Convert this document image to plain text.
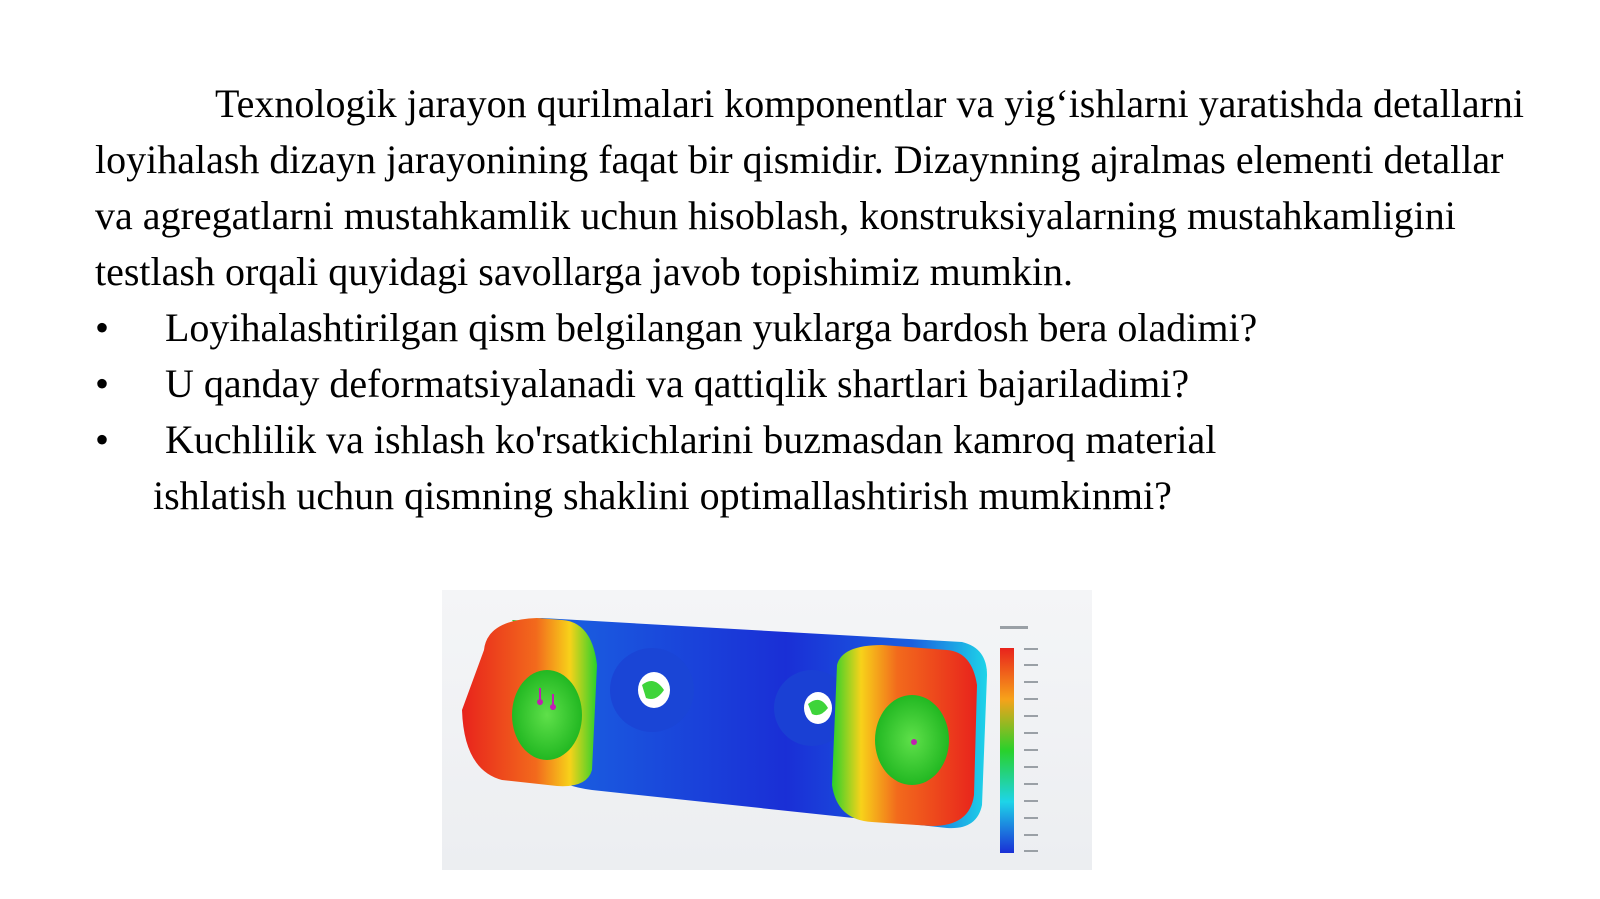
Texnologik jarayon qurilmalari komponentlar va yig‘ishlarni yaratishda detallarni loyihalash dizayn jarayonining faqat bir qismidir. Dizaynning ajralmas elementi detallar va agregatlarni mustahkamlik uchun hisoblash, konstruksiyalarning mustahkamligini testlash orqali quyidagi savollarga javob topishimiz mumkin.

• Loyihalashtirilgan qism belgilangan yuklarga bardosh bera oladimi?
• U qanday deformatsiyalanadi va qattiqlik shartlari bajariladimi?
• Kuchlilik va ishlash ko'rsatkichlarini buzmasdan kamroq material
ishlatish uchun qismning shaklini optimallashtirish mumkinmi?
